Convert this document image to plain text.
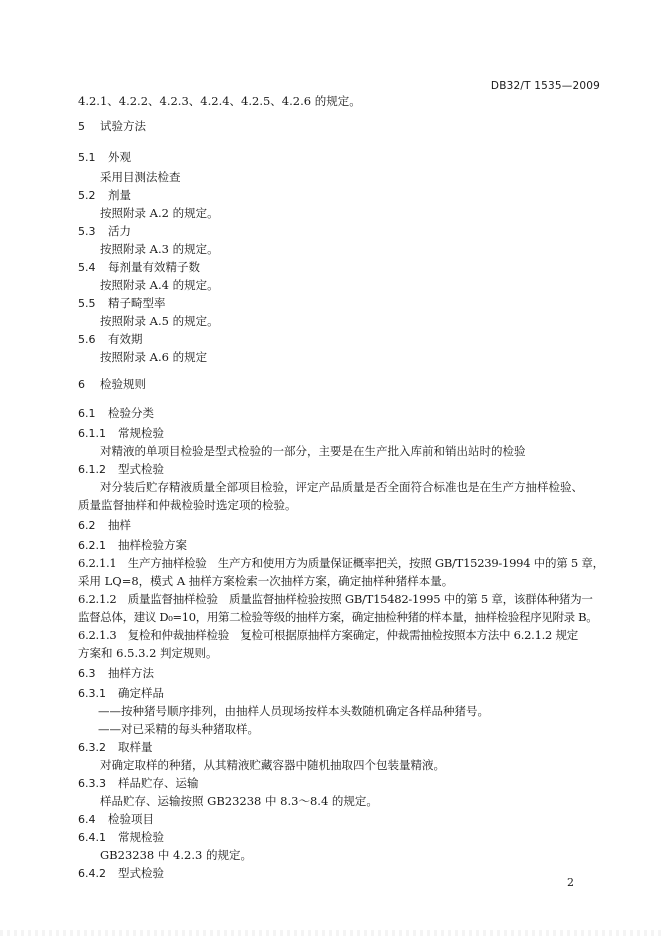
DB32/T 1535—2009
4.2.1、4.2.2、4.2.3、4.2.4、4.2.5、4.2.6 的规定。
5 试验方法
5.1 外观
采用目测法检查
5.2 剂量
按照附录 A.2 的规定。
5.3 活力
按照附录 A.3 的规定。
5.4 每剂量有效精子数
按照附录 A.4 的规定。
5.5 精子畸型率
按照附录 A.5 的规定。
5.6 有效期
按照附录 A.6 的规定
6 检验规则
6.1 检验分类
6.1.1 常规检验
对精液的单项目检验是型式检验的一部分，主要是在生产批入库前和销出站时的检验
6.1.2 型式检验
对分装后贮存精液质量全部项目检验，评定产品质量是否全面符合标准也是在生产方抽样检验、
质量监督抽样和仲裁检验时选定项的检验。
6.2 抽样
6.2.1 抽样检验方案
6.2.1.1　生产方抽样检验　生产方和使用方为质量保证概率把关，按照 GB/T15239-1994 中的第 5 章，
采用 LQ=8，模式 A 抽样方案检索一次抽样方案，确定抽样种猪样本量。
6.2.1.2　质量监督抽样检验　质量监督抽样检验按照 GB/T15482-1995 中的第 5 章，该群体种猪为一
监督总体，建议 D₀=10，用第二检验等级的抽样方案，确定抽检种猪的样本量，抽样检验程序见附录 B。
6.2.1.3　复检和仲裁抽样检验　复检可根据原抽样方案确定，仲裁需抽检按照本方法中 6.2.1.2 规定
方案和 6.5.3.2 判定规则。
6.3 抽样方法
6.3.1 确定样品
——按种猪号顺序排列，由抽样人员现场按样本头数随机确定各样品种猪号。
——对已采精的每头种猪取样。
6.3.2 取样量
对确定取样的种猪，从其精液贮藏容器中随机抽取四个包装量精液。
6.3.3 样品贮存、运输
样品贮存、运输按照 GB23238 中 8.3～8.4 的规定。
6.4 检验项目
6.4.1 常规检验
GB23238 中 4.2.3 的规定。
6.4.2 型式检验
2
